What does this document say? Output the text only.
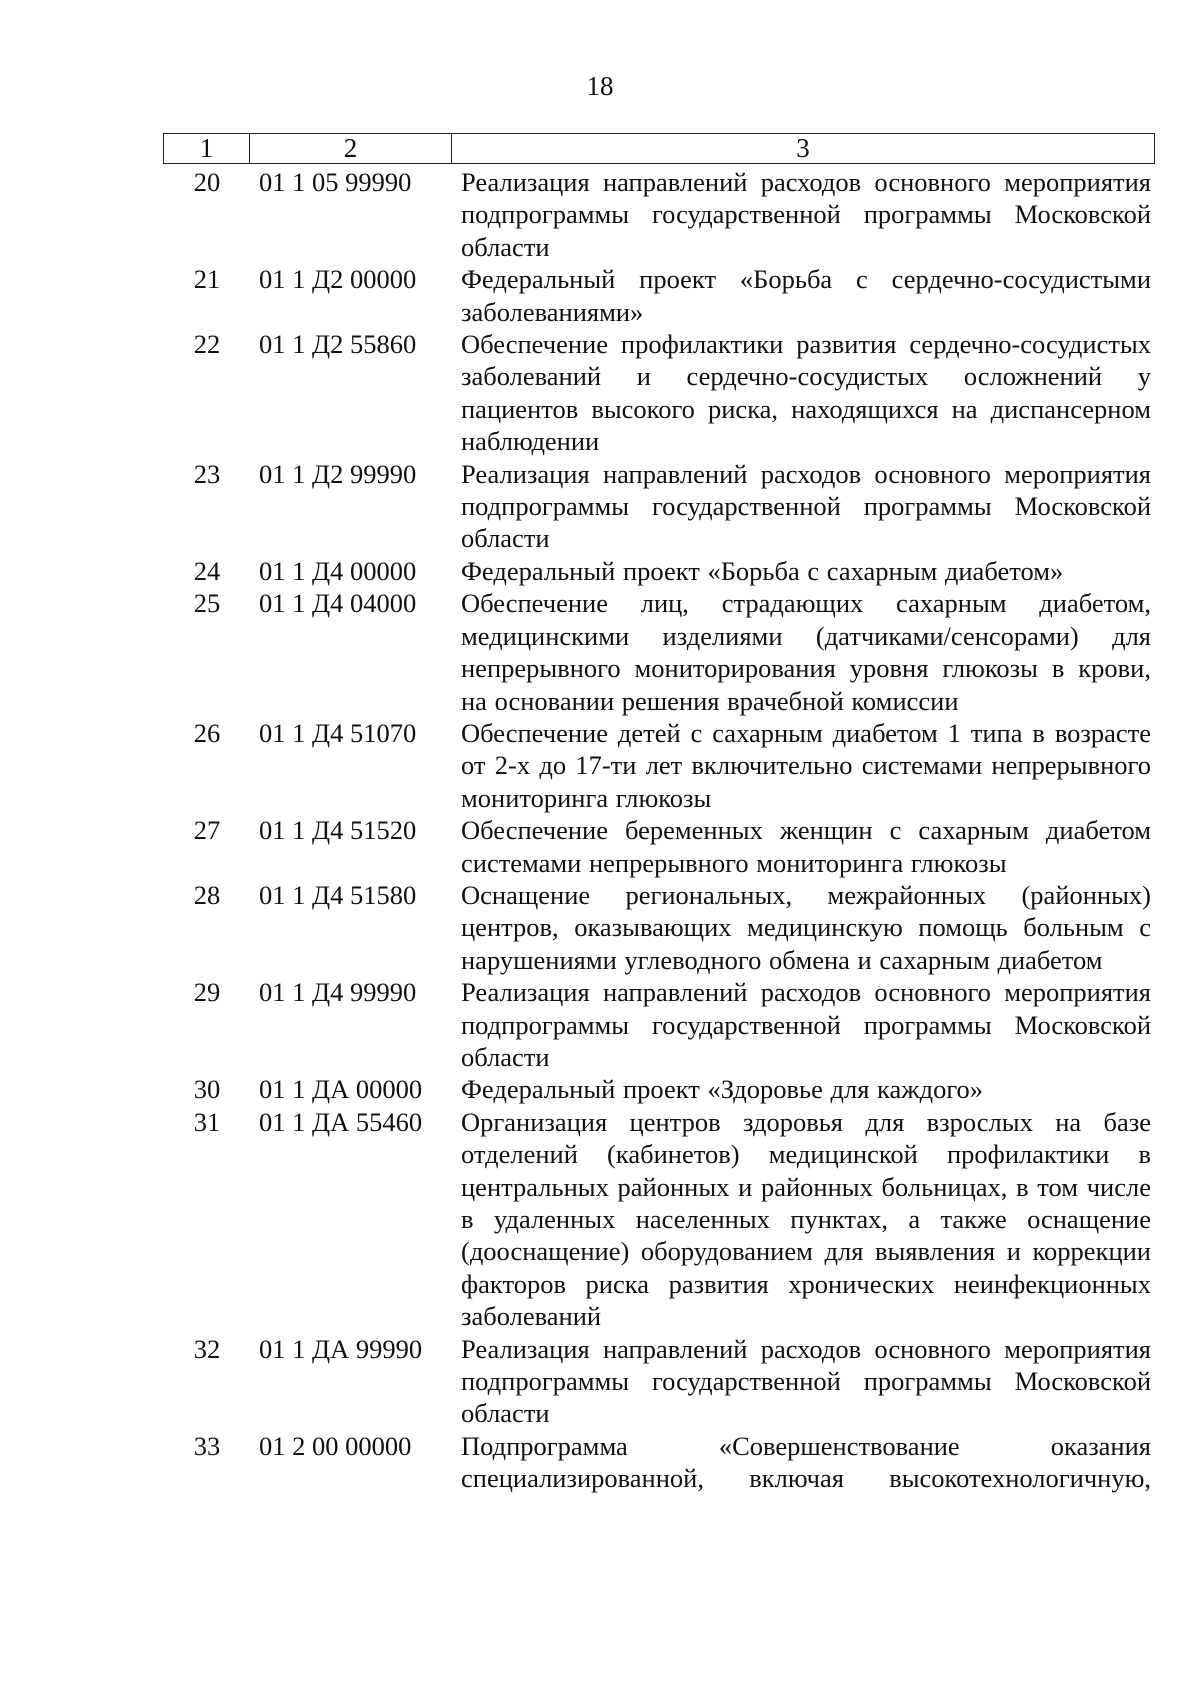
18
1	2	3
20	01 1 05 99990	Реализация направлений расходов основного мероприятия подпрограммы государственной программы Московской области
21	01 1 Д2 00000	Федеральный проект «Борьба с сердечно-сосудистыми заболеваниями»
22	01 1 Д2 55860	Обеспечение профилактики развития сердечно-сосудистых заболеваний и сердечно-сосудистых осложнений у пациентов высокого риска, находящихся на диспансерном наблюдении
23	01 1 Д2 99990	Реализация направлений расходов основного мероприятия подпрограммы государственной программы Московской области
24	01 1 Д4 00000	Федеральный проект «Борьба с сахарным диабетом»
25	01 1 Д4 04000	Обеспечение лиц, страдающих сахарным диабетом, медицинскими изделиями (датчиками/сенсорами) для непрерывного мониторирования уровня глюкозы в крови, на основании решения врачебной комиссии
26	01 1 Д4 51070	Обеспечение детей с сахарным диабетом 1 типа в возрасте от 2-х до 17-ти лет включительно системами непрерывного мониторинга глюкозы
27	01 1 Д4 51520	Обеспечение беременных женщин с сахарным диабетом системами непрерывного мониторинга глюкозы
28	01 1 Д4 51580	Оснащение региональных, межрайонных (районных) центров, оказывающих медицинскую помощь больным с нарушениями углеводного обмена и сахарным диабетом
29	01 1 Д4 99990	Реализация направлений расходов основного мероприятия подпрограммы государственной программы Московской области
30	01 1 ДА 00000	Федеральный проект «Здоровье для каждого»
31	01 1 ДА 55460	Организация центров здоровья для взрослых на базе отделений (кабинетов) медицинской профилактики в центральных районных и районных больницах, в том числе в удаленных населенных пунктах, а также оснащение (дооснащение) оборудованием для выявления и коррекции факторов риска развития хронических неинфекционных заболеваний
32	01 1 ДА 99990	Реализация направлений расходов основного мероприятия подпрограммы государственной программы Московской области
33	01 2 00 00000	Подпрограмма «Совершенствование оказания специализированной, включая высокотехнологичную,
